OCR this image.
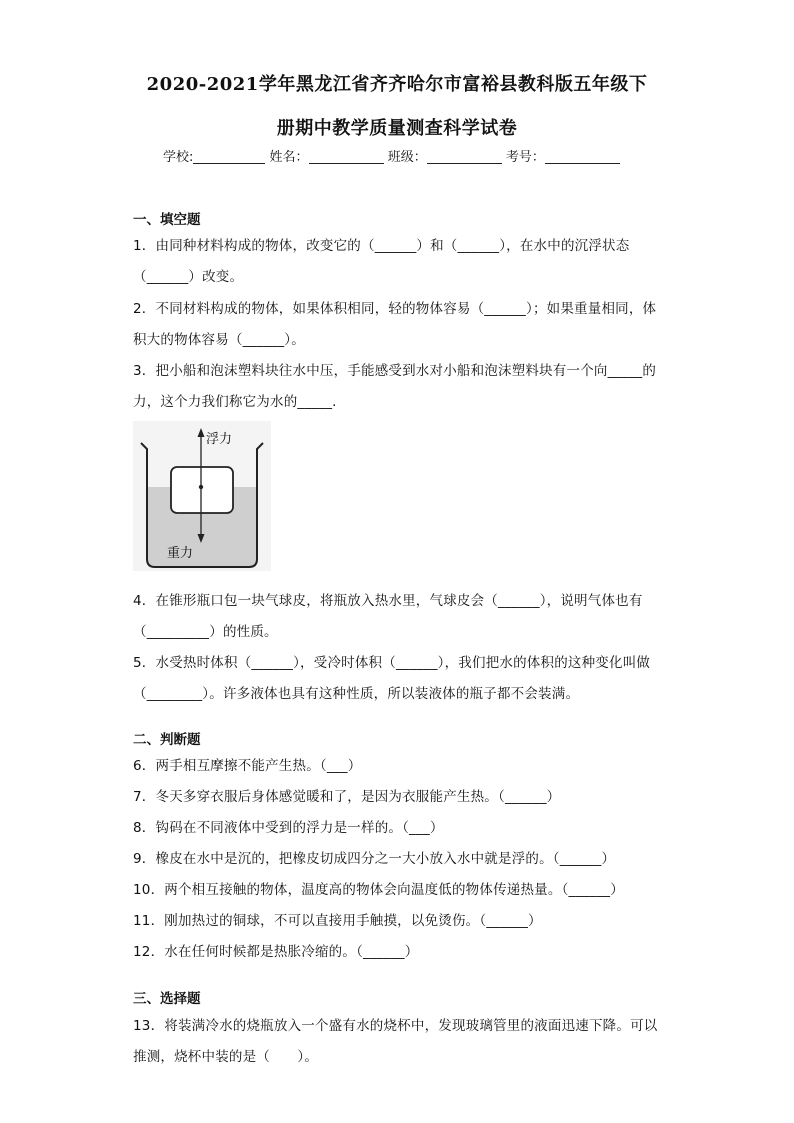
2020-2021学年黑龙江省齐齐哈尔市富裕县教科版五年级下
册期中教学质量测查科学试卷
学校:	姓名：	班级：	考号：
一、填空题
1．由同种材料构成的物体，改变它的（______）和（______），在水中的沉浮状态
（______）改变。
2．不同材料构成的物体，如果体积相同，轻的物体容易（______）；如果重量相同，体
积大的物体容易（______）。
3．把小船和泡沫塑料块往水中压，手能感受到水对小船和泡沫塑料块有一个向_____的
力，这个力我们称它为水的_____.
浮力
重力
4．在锥形瓶口包一块气球皮，将瓶放入热水里，气球皮会（______），说明气体也有
（_________）的性质。
5．水受热时体积（______），受冷时体积（______），我们把水的体积的这种变化叫做
（________）。许多液体也具有这种性质，所以装液体的瓶子都不会装满。
二、判断题
6．两手相互摩擦不能产生热。（___）
7．冬天多穿衣服后身体感觉暖和了，是因为衣服能产生热。（______）
8．钩码在不同液体中受到的浮力是一样的。（___）
9．橡皮在水中是沉的，把橡皮切成四分之一大小放入水中就是浮的。（______）
10．两个相互接触的物体，温度高的物体会向温度低的物体传递热量。（______）
11．刚加热过的铜球，不可以直接用手触摸，以免烫伤。（______）
12．水在任何时候都是热胀冷缩的。（______）
三、选择题
13．将装满冷水的烧瓶放入一个盛有水的烧杯中，发现玻璃管里的液面迅速下降。可以
推测，烧杯中装的是（　　）。
